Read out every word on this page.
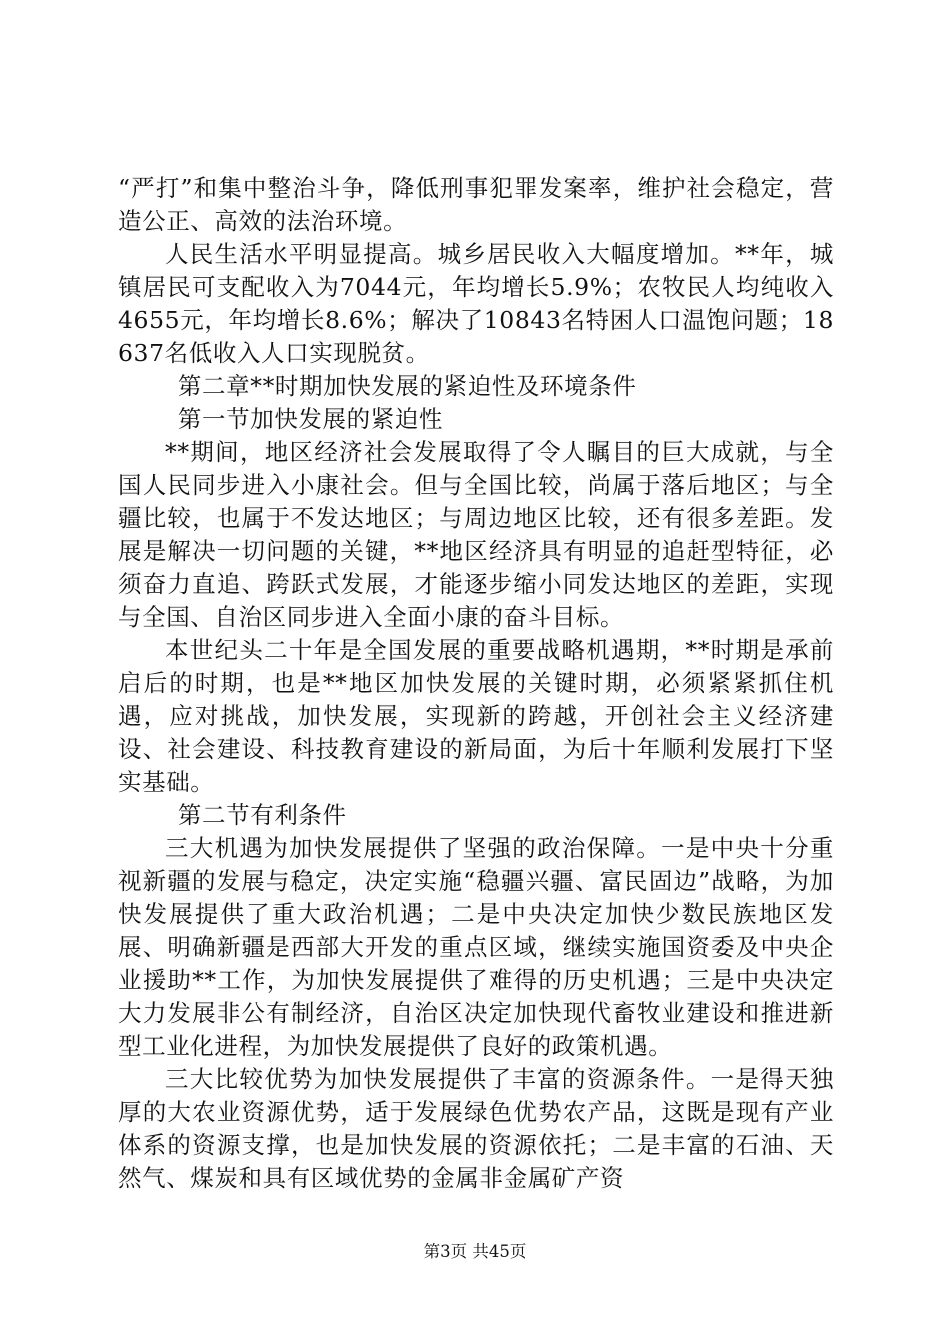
“严打”和集中整治斗争，降低刑事犯罪发案率，维护社会稳定，营造公正、高效的法治环境。

人民生活水平明显提高。城乡居民收入大幅度增加。**年，城镇居民可支配收入为7044元，年均增长5.9%；农牧民人均纯收入4655元，年均增长8.6%；解决了10843名特困人口温饱问题；18637名低收入人口实现脱贫。

第二章**时期加快发展的紧迫性及环境条件

第一节加快发展的紧迫性

**期间，地区经济社会发展取得了令人瞩目的巨大成就，与全国人民同步进入小康社会。但与全国比较，尚属于落后地区；与全疆比较，也属于不发达地区；与周边地区比较，还有很多差距。发展是解决一切问题的关键，**地区经济具有明显的追赶型特征，必须奋力直追、跨跃式发展，才能逐步缩小同发达地区的差距，实现与全国、自治区同步进入全面小康的奋斗目标。

本世纪头二十年是全国发展的重要战略机遇期，**时期是承前启后的时期，也是**地区加快发展的关键时期，必须紧紧抓住机遇，应对挑战，加快发展，实现新的跨越，开创社会主义经济建设、社会建设、科技教育建设的新局面，为后十年顺利发展打下坚实基础。

第二节有利条件

三大机遇为加快发展提供了坚强的政治保障。一是中央十分重视新疆的发展与稳定，决定实施“稳疆兴疆、富民固边”战略，为加快发展提供了重大政治机遇；二是中央决定加快少数民族地区发展、明确新疆是西部大开发的重点区域，继续实施国资委及中央企业援助**工作，为加快发展提供了难得的历史机遇；三是中央决定大力发展非公有制经济，自治区决定加快现代畜牧业建设和推进新型工业化进程，为加快发展提供了良好的政策机遇。

三大比较优势为加快发展提供了丰富的资源条件。一是得天独厚的大农业资源优势，适于发展绿色优势农产品，这既是现有产业体系的资源支撑，也是加快发展的资源依托；二是丰富的石油、天然气、煤炭和具有区域优势的金属非金属矿产资

第3页 共45页
